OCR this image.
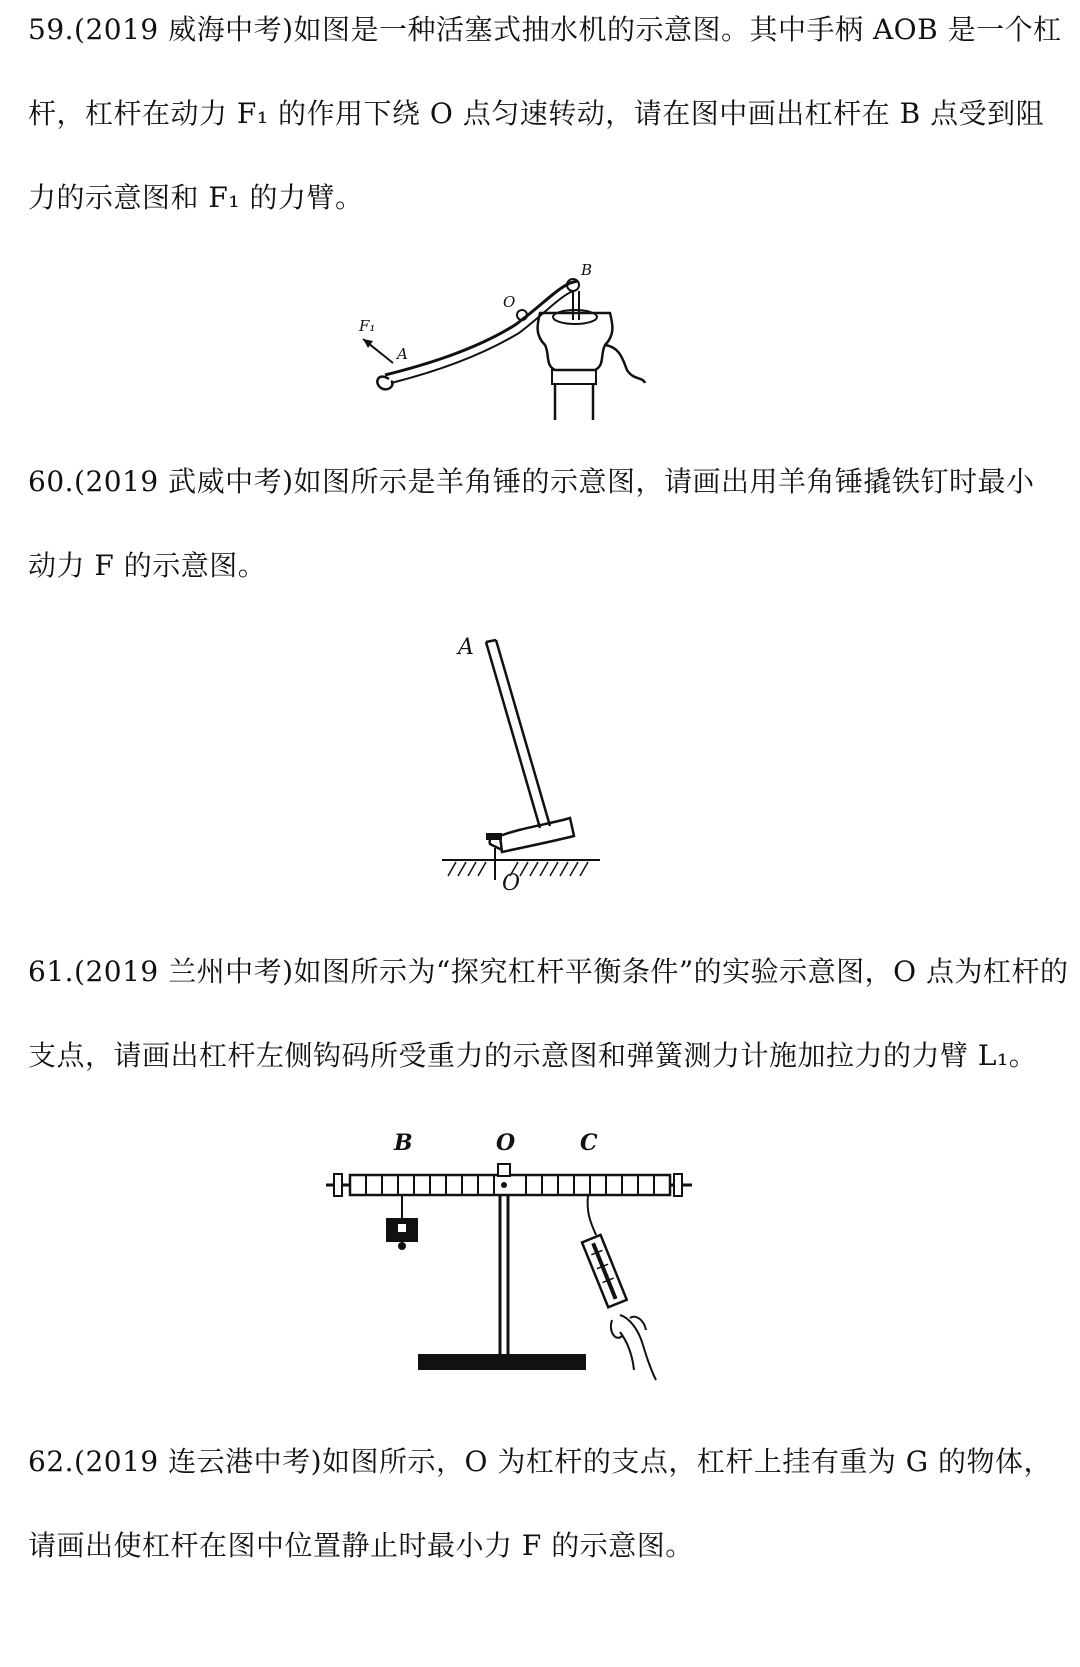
59.(2019 威海中考)如图是一种活塞式抽水机的示意图。其中手柄 AOB 是一个杠
杆，杠杆在动力 F₁ 的作用下绕 O 点匀速转动，请在图中画出杠杆在 B 点受到阻
力的示意图和 F₁ 的力臂。

F₁
A
O
B

60.(2019 武威中考)如图所示是羊角锤的示意图，请画出用羊角锤撬铁钉时最小
动力 F 的示意图。

A
O

61.(2019 兰州中考)如图所示为“探究杠杆平衡条件”的实验示意图，O 点为杠杆的
支点，请画出杠杆左侧钩码所受重力的示意图和弹簧测力计施加拉力的力臂 L₁。

B	O	C

62.(2019 连云港中考)如图所示，O 为杠杆的支点，杠杆上挂有重为 G 的物体，
请画出使杠杆在图中位置静止时最小力 F 的示意图。
